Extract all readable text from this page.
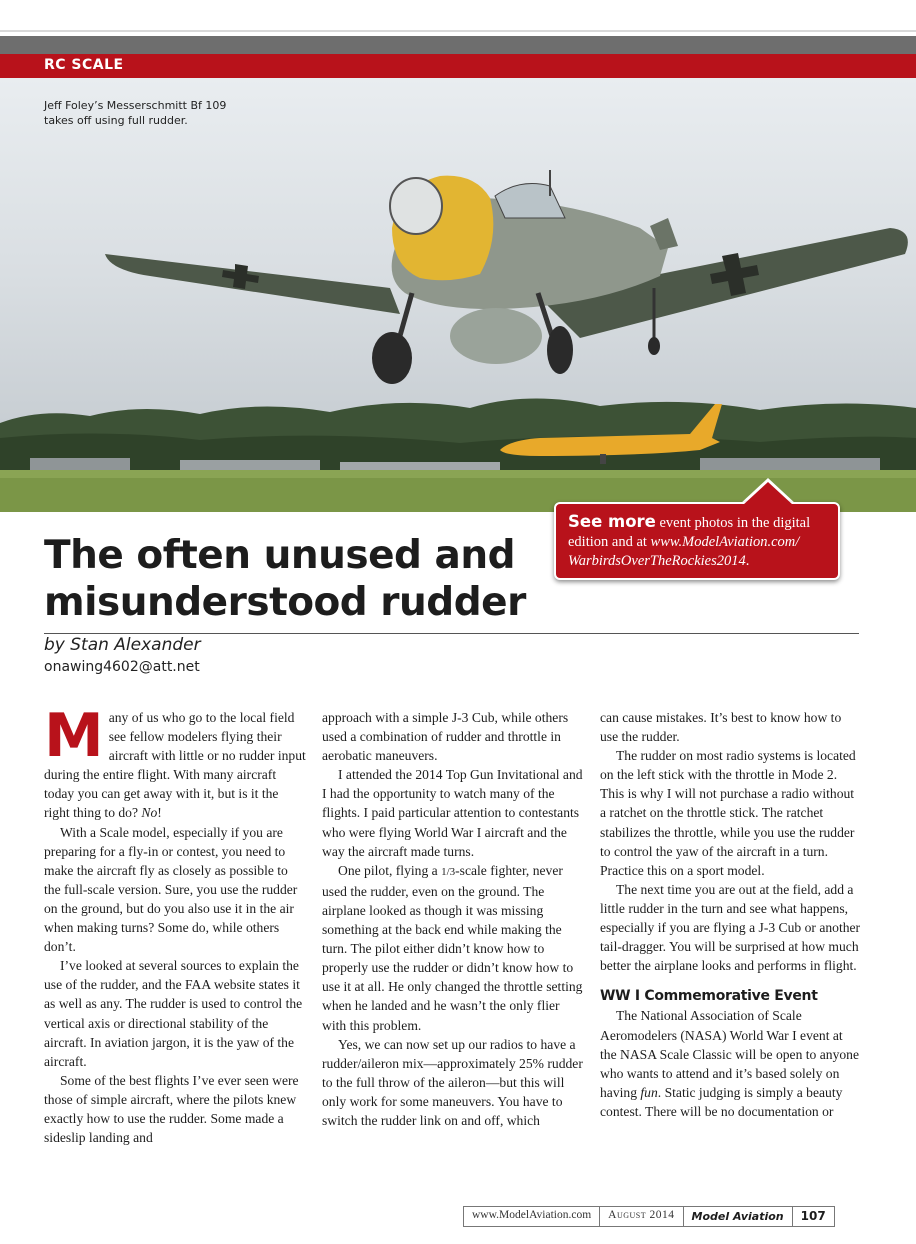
RC SCALE
Jeff Foley’s Messerschmitt Bf 109
takes off using full rudder.

See more event photos in the digital edition and at www.ModelAviation.com/ WarbirdsOverTheRockies2014.

The often unused and misunderstood rudder
by Stan Alexander
onawing4602@att.net

Many of us who go to the local field see fellow modelers flying their aircraft with little or no rudder input during the entire flight. With many aircraft today you can get away with it, but is it the right thing to do? No!

With a Scale model, especially if you are preparing for a fly-in or contest, you need to make the aircraft fly as closely as possible to the full-scale version. Sure, you use the rudder on the ground, but do you also use it in the air when making turns? Some do, while others don’t.

I’ve looked at several sources to explain the use of the rudder, and the FAA website states it as well as any. The rudder is used to control the vertical axis or directional stability of the aircraft. In aviation jargon, it is the yaw of the aircraft.

Some of the best flights I’ve ever seen were those of simple aircraft, where the pilots knew exactly how to use the rudder. Some made a sideslip landing and

approach with a simple J-3 Cub, while others used a combination of rudder and throttle in aerobatic maneuvers.

I attended the 2014 Top Gun Invitational and I had the opportunity to watch many of the flights. I paid particular attention to contestants who were flying World War I aircraft and the way the aircraft made turns.

One pilot, flying a 1/3-scale fighter, never used the rudder, even on the ground. The airplane looked as though it was missing something at the back end while making the turn. The pilot either didn’t know how to properly use the rudder or didn’t know how to use it at all. He only changed the throttle setting when he landed and he wasn’t the only flier with this problem.

Yes, we can now set up our radios to have a rudder/aileron mix—approximately 25% rudder to the full throw of the aileron—but this will only work for some maneuvers. You have to switch the rudder link on and off, which

can cause mistakes. It’s best to know how to use the rudder.

The rudder on most radio systems is located on the left stick with the throttle in Mode 2. This is why I will not purchase a radio without a ratchet on the throttle stick. The ratchet stabilizes the throttle, while you use the rudder to control the yaw of the aircraft in a turn. Practice this on a sport model.

The next time you are out at the field, add a little rudder in the turn and see what happens, especially if you are flying a J-3 Cub or another tail-dragger. You will be surprised at how much better the airplane looks and performs in flight.

WW I Commemorative Event

The National Association of Scale Aeromodelers (NASA) World War I event at the NASA Scale Classic will be open to anyone who wants to attend and it’s based solely on having fun. Static judging is simply a beauty contest. There will be no documentation or

www.ModelAviation.com	August 2014	Model Aviation	107
